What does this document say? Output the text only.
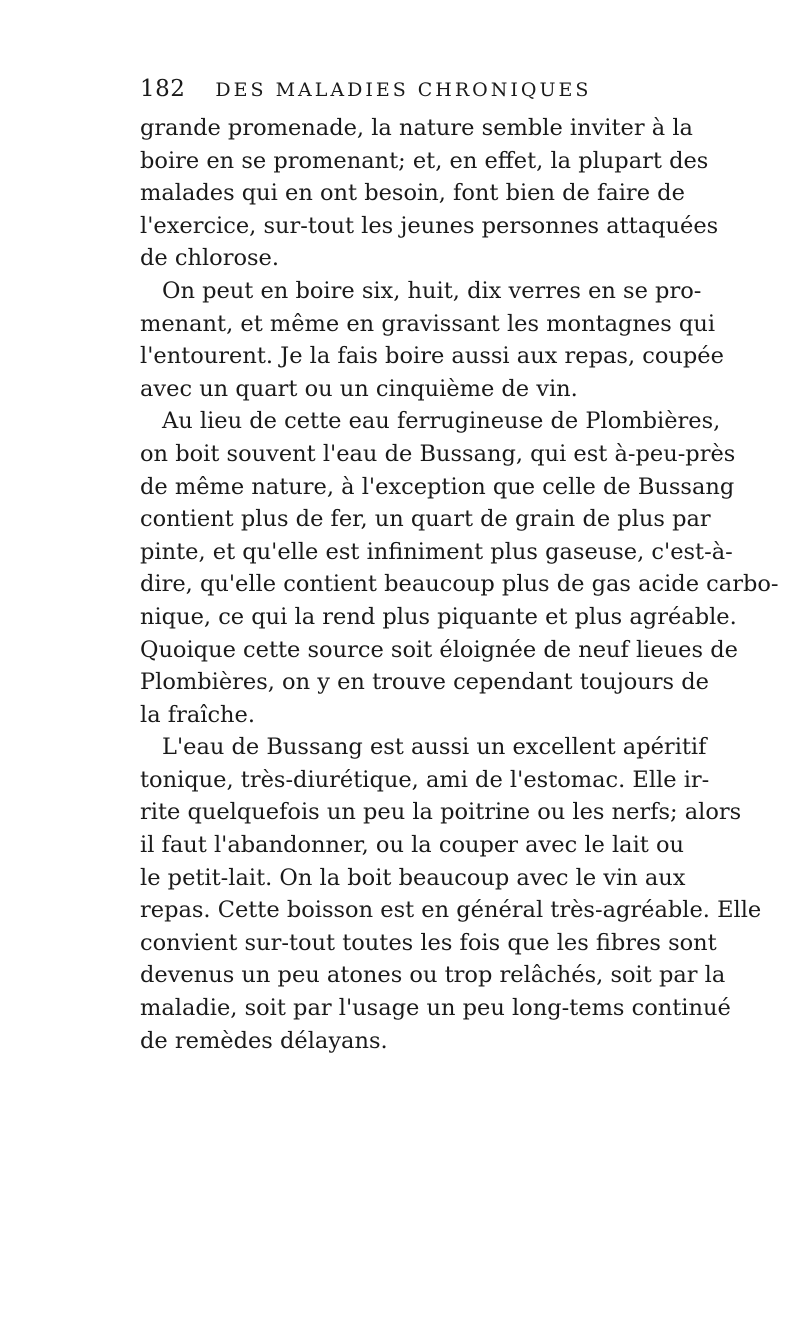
182 DES MALADIES CHRONIQUES
grande promenade, la nature semble inviter à la
boire en se promenant; et, en effet, la plupart des
malades qui en ont besoin, font bien de faire de
l'exercice, sur-tout les jeunes personnes attaquées
de chlorose.
On peut en boire six, huit, dix verres en se pro-
menant, et même en gravissant les montagnes qui
l'entourent. Je la fais boire aussi aux repas, coupée
avec un quart ou un cinquième de vin.
Au lieu de cette eau ferrugineuse de Plombières,
on boit souvent l'eau de Bussang, qui est à-peu-près
de même nature, à l'exception que celle de Bussang
contient plus de fer, un quart de grain de plus par
pinte, et qu'elle est infiniment plus gaseuse, c'est-à-
dire, qu'elle contient beaucoup plus de gas acide carbo-
nique, ce qui la rend plus piquante et plus agréable.
Quoique cette source soit éloignée de neuf lieues de
Plombières, on y en trouve cependant toujours de
la fraîche.
L'eau de Bussang est aussi un excellent apéritif
tonique, très-diurétique, ami de l'estomac. Elle ir-
rite quelquefois un peu la poitrine ou les nerfs; alors
il faut l'abandonner, ou la couper avec le lait ou
le petit-lait. On la boit beaucoup avec le vin aux
repas. Cette boisson est en général très-agréable. Elle
convient sur-tout toutes les fois que les fibres sont
devenus un peu atones ou trop relâchés, soit par la
maladie, soit par l'usage un peu long-tems continué
de remèdes délayans.
